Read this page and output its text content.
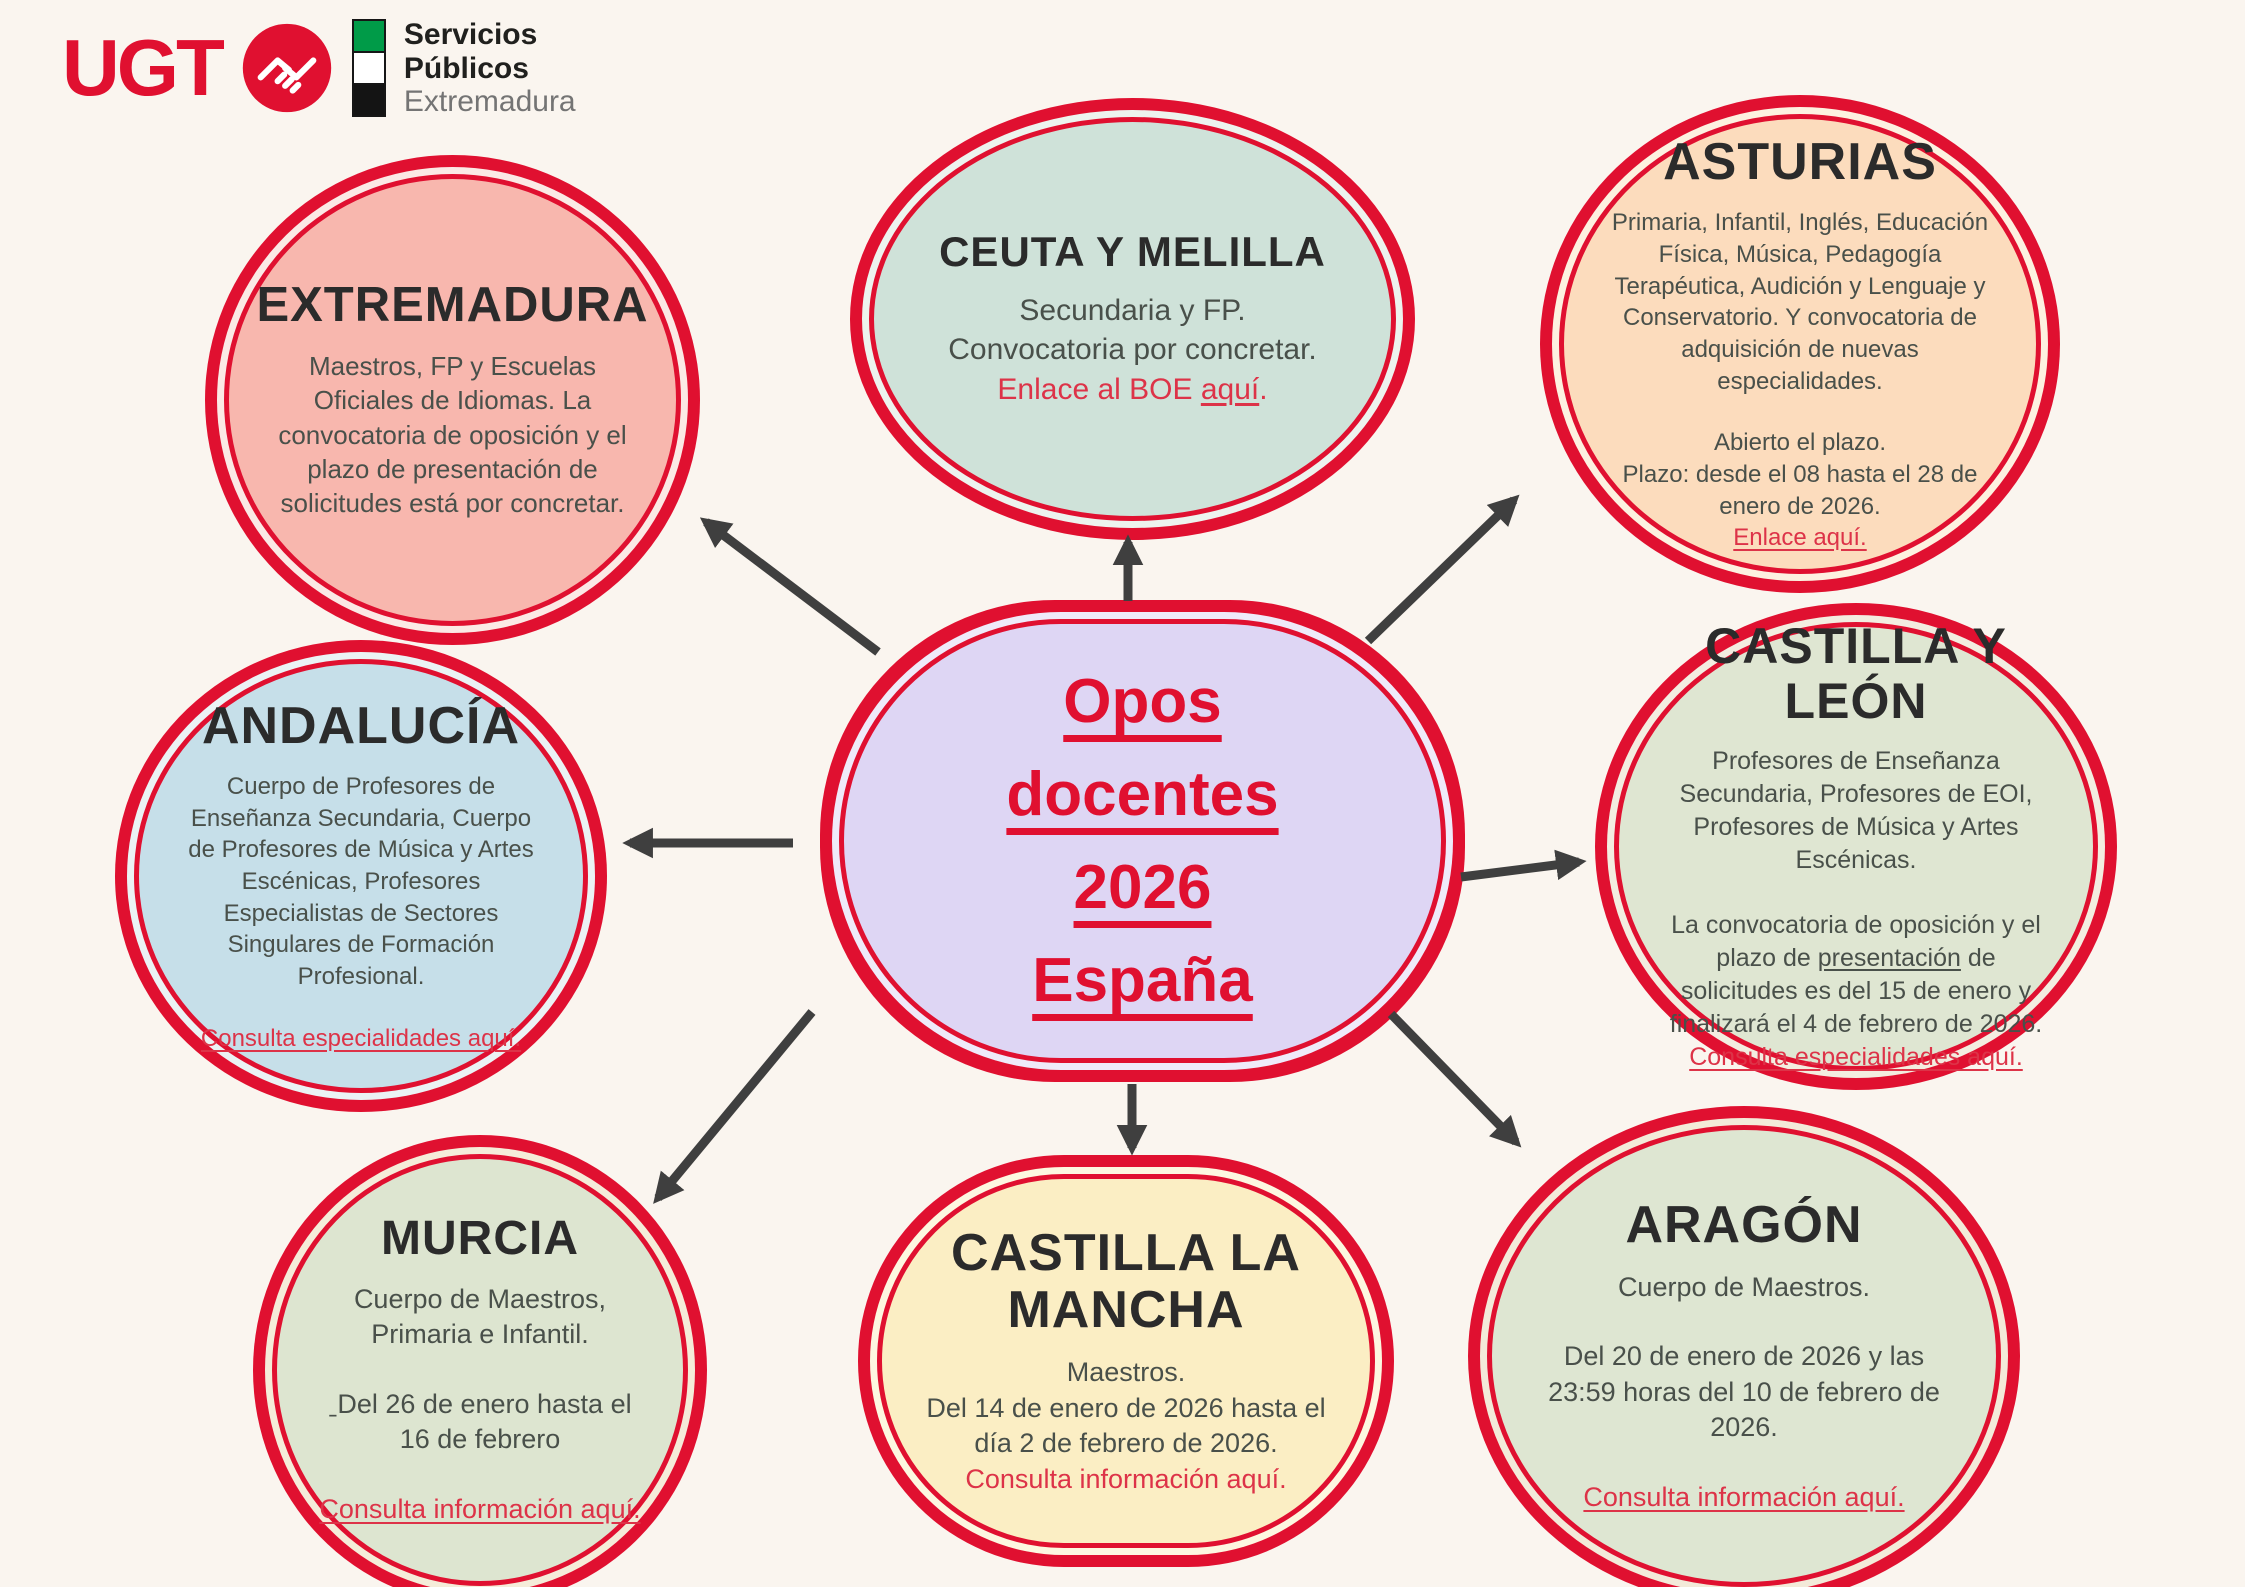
UGT	Servicios
Públicos
Extremadura
EXTREMADURA

Maestros, FP y Escuelas Oficiales de Idiomas. La convocatoria de oposición y el plazo de presentación de solicitudes está por concretar.

CEUTA Y MELILLA

Secundaria y FP.

Convocatoria por concretar.

Enlace al BOE aquí.

ASTURIAS

Primaria, Infantil, Inglés, Educación Física, Música, Pedagogía Terapéutica, Audición y Lenguaje y Conservatorio. Y convocatoria de adquisición de nuevas especialidades.

Abierto el plazo.

Plazo: desde el 08 hasta el 28 de enero de 2026.

Enlace aquí.

Opos
docentes
2026
España
ANDALUCÍA

Cuerpo de Profesores de Enseñanza Secundaria, Cuerpo de Profesores de Música y Artes Escénicas, Profesores Especialistas de Sectores Singulares de Formación Profesional.

Consulta especialidades aquí.

CASTILLA Y LEÓN

Profesores de Enseñanza Secundaria, Profesores de EOI, Profesores de Música y Artes Escénicas.

La convocatoria de oposición y el plazo de presentación de solicitudes es del 15 de enero y finalizará el 4 de febrero de 2026.

Consulta especialidades aquí.

MURCIA

Cuerpo de Maestros, Primaria e Infantil.

ˍDel 26 de enero hasta el 16 de febrero

Consulta información aquí.

CASTILLA LA MANCHA

Maestros.

Del 14 de enero de 2026 hasta el día 2 de febrero de 2026.

Consulta información aquí.

ARAGÓN

Cuerpo de Maestros.

Del 20 de enero de 2026 y las 23:59 horas del 10 de febrero de 2026.

Consulta información aquí.
